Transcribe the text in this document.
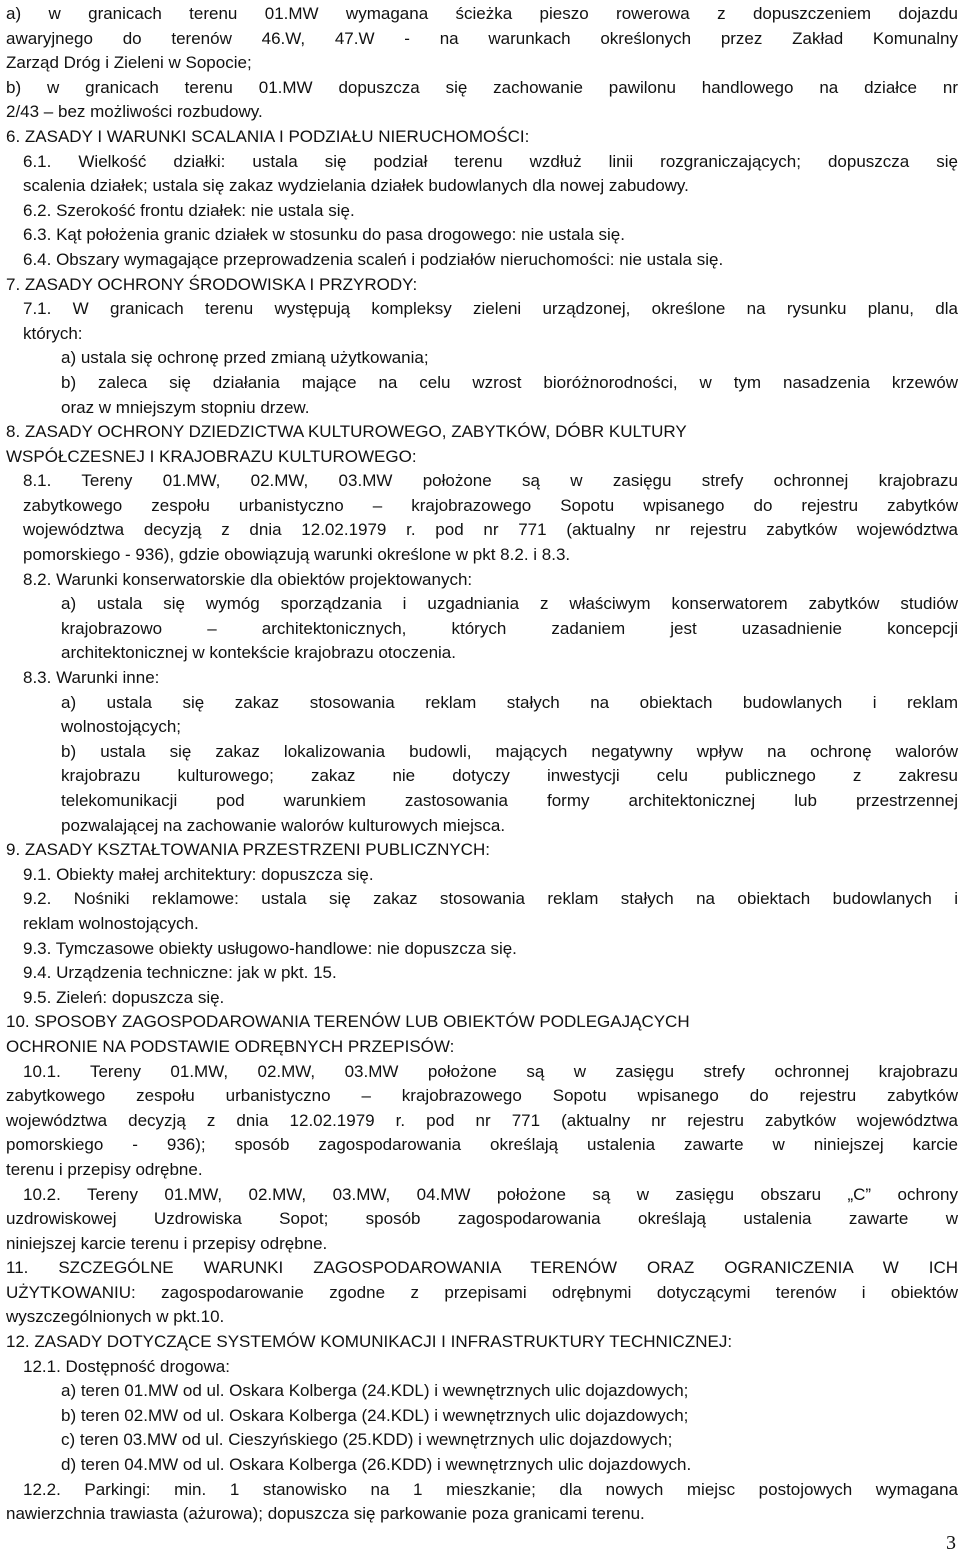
a) w granicach terenu 01.MW wymagana ścieżka pieszo rowerowa z dopuszczeniem dojazdu
awaryjnego do terenów 46.W, 47.W - na warunkach określonych przez Zakład Komunalny
Zarząd Dróg i Zieleni w Sopocie;
b) w granicach terenu 01.MW dopuszcza się zachowanie pawilonu handlowego na działce nr
2/43 – bez możliwości rozbudowy.
6. ZASADY I WARUNKI SCALANIA I PODZIAŁU NIERUCHOMOŚCI:
6.1. Wielkość działki: ustala się podział terenu wzdłuż linii rozgraniczających; dopuszcza się
scalenia działek; ustala się zakaz wydzielania działek budowlanych dla nowej zabudowy.
6.2. Szerokość frontu działek: nie ustala się.
6.3. Kąt położenia granic działek w stosunku do pasa drogowego: nie ustala się.
6.4. Obszary wymagające przeprowadzenia scaleń i podziałów nieruchomości: nie ustala się.
7. ZASADY OCHRONY ŚRODOWISKA I PRZYRODY:
7.1. W granicach terenu występują kompleksy zieleni urządzonej, określone na rysunku planu, dla
których:
a) ustala się ochronę przed zmianą użytkowania;
b) zaleca się działania mające na celu wzrost bioróżnorodności, w tym nasadzenia krzewów
oraz w mniejszym stopniu drzew.
8. ZASADY OCHRONY DZIEDZICTWA KULTUROWEGO, ZABYTKÓW, DÓBR KULTURY
WSPÓŁCZESNEJ I KRAJOBRAZU KULTUROWEGO:
8.1. Tereny 01.MW, 02.MW, 03.MW położone są w zasięgu strefy ochronnej krajobrazu
zabytkowego zespołu urbanistyczno – krajobrazowego Sopotu wpisanego do rejestru zabytków
województwa decyzją z dnia 12.02.1979 r. pod nr 771 (aktualny nr rejestru zabytków województwa
pomorskiego - 936), gdzie obowiązują warunki określone w pkt 8.2. i 8.3.
8.2. Warunki konserwatorskie dla obiektów projektowanych:
a) ustala się wymóg sporządzania i uzgadniania z właściwym konserwatorem zabytków studiów
krajobrazowo – architektonicznych, których zadaniem jest uzasadnienie koncepcji
architektonicznej w kontekście krajobrazu otoczenia.
8.3. Warunki inne:
a) ustala się zakaz stosowania reklam stałych na obiektach budowlanych i reklam
wolnostojących;
b) ustala się zakaz lokalizowania budowli, mających negatywny wpływ na ochronę walorów
krajobrazu kulturowego; zakaz nie dotyczy inwestycji celu publicznego z zakresu
telekomunikacji pod warunkiem zastosowania formy architektonicznej lub przestrzennej
pozwalającej na zachowanie walorów kulturowych miejsca.
9. ZASADY KSZTAŁTOWANIA PRZESTRZENI PUBLICZNYCH:
9.1. Obiekty małej architektury: dopuszcza się.
9.2. Nośniki reklamowe: ustala się zakaz stosowania reklam stałych na obiektach budowlanych i
reklam wolnostojących.
9.3. Tymczasowe obiekty usługowo-handlowe: nie dopuszcza się.
9.4. Urządzenia techniczne: jak w pkt. 15.
9.5. Zieleń: dopuszcza się.
10. SPOSOBY ZAGOSPODAROWANIA TERENÓW LUB OBIEKTÓW PODLEGAJĄCYCH
OCHRONIE NA PODSTAWIE ODRĘBNYCH PRZEPISÓW:
10.1. Tereny 01.MW, 02.MW, 03.MW położone są w zasięgu strefy ochronnej krajobrazu
zabytkowego zespołu urbanistyczno – krajobrazowego Sopotu wpisanego do rejestru zabytków
województwa decyzją z dnia 12.02.1979 r. pod nr 771 (aktualny nr rejestru zabytków województwa
pomorskiego - 936); sposób zagospodarowania określają ustalenia zawarte w niniejszej karcie
terenu i przepisy odrębne.
10.2. Tereny 01.MW, 02.MW, 03.MW, 04.MW położone są w zasięgu obszaru „C” ochrony
uzdrowiskowej Uzdrowiska Sopot; sposób zagospodarowania określają ustalenia zawarte w
niniejszej karcie terenu i przepisy odrębne.
11. SZCZEGÓLNE WARUNKI ZAGOSPODAROWANIA TERENÓW ORAZ OGRANICZENIA W ICH
UŻYTKOWANIU: zagospodarowanie zgodne z przepisami odrębnymi dotyczącymi terenów i obiektów
wyszczególnionych w pkt.10.
12. ZASADY DOTYCZĄCE SYSTEMÓW KOMUNIKACJI I INFRASTRUKTURY TECHNICZNEJ:
12.1. Dostępność drogowa:
a) teren 01.MW od ul. Oskara Kolberga (24.KDL) i wewnętrznych ulic dojazdowych;
b) teren 02.MW od ul. Oskara Kolberga (24.KDL) i wewnętrznych ulic dojazdowych;
c) teren 03.MW od ul. Cieszyńskiego (25.KDD) i wewnętrznych ulic dojazdowych;
d) teren 04.MW od ul. Oskara Kolberga (26.KDD) i wewnętrznych ulic dojazdowych.
12.2. Parkingi: min. 1 stanowisko na 1 mieszkanie; dla nowych miejsc postojowych wymagana
nawierzchnia trawiasta (ażurowa); dopuszcza się parkowanie poza granicami terenu.
3
